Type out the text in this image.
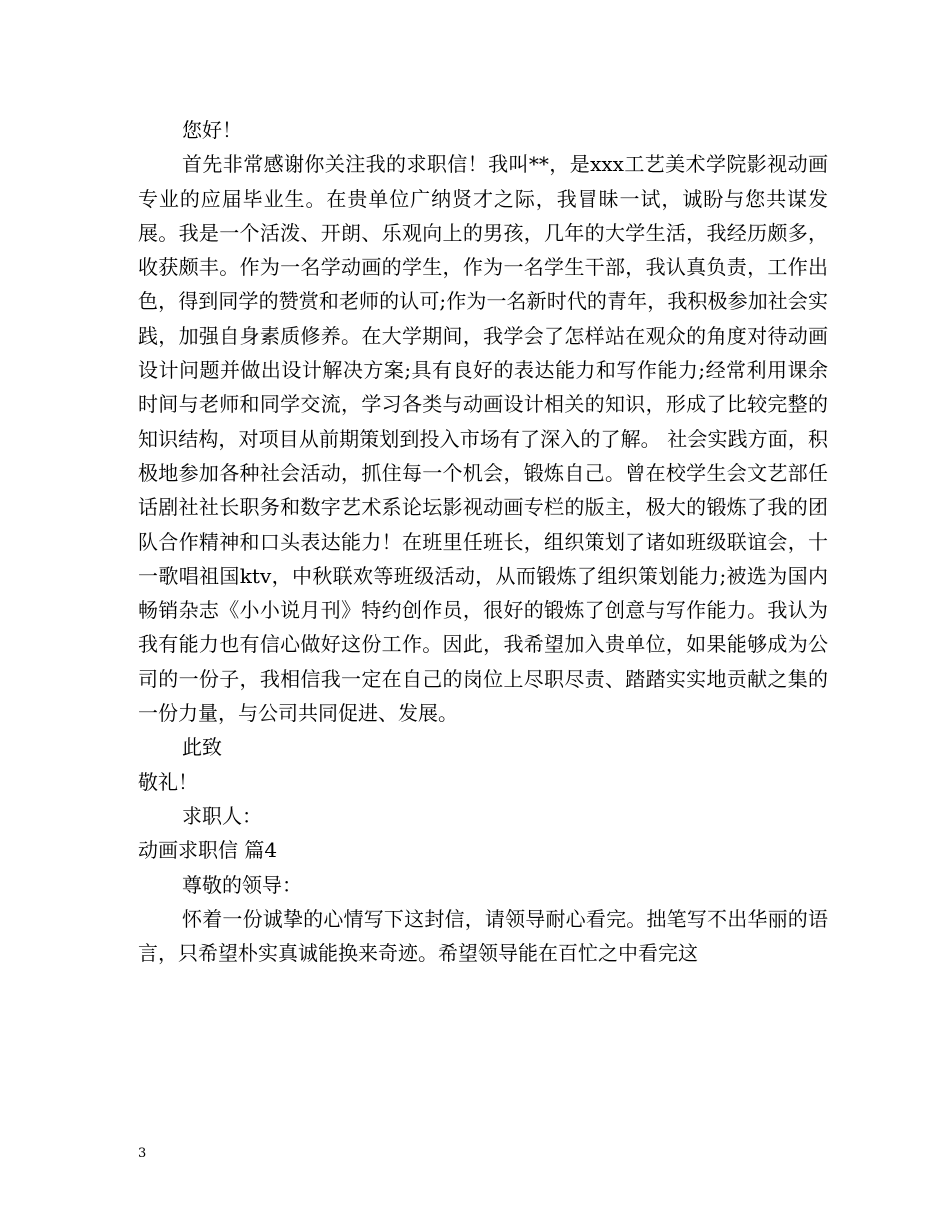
您好！

首先非常感谢你关注我的求职信！我叫**，是xxx工艺美术学院影视动画专业的应届毕业生。在贵单位广纳贤才之际，我冒昧一试，诚盼与您共谋发展。我是一个活泼、开朗、乐观向上的男孩，几年的大学生活，我经历颇多，收获颇丰。作为一名学动画的学生，作为一名学生干部，我认真负责，工作出色，得到同学的赞赏和老师的认可;作为一名新时代的青年，我积极参加社会实践，加强自身素质修养。在大学期间，我学会了怎样站在观众的角度对待动画设计问题并做出设计解决方案;具有良好的表达能力和写作能力;经常利用课余时间与老师和同学交流，学习各类与动画设计相关的知识，形成了比较完整的知识结构，对项目从前期策划到投入市场有了深入的了解。 社会实践方面，积极地参加各种社会活动，抓住每一个机会，锻炼自己。曾在校学生会文艺部任话剧社社长职务和数字艺术系论坛影视动画专栏的版主，极大的锻炼了我的团队合作精神和口头表达能力！在班里任班长，组织策划了诸如班级联谊会，十一歌唱祖国ktv，中秋联欢等班级活动，从而锻炼了组织策划能力;被选为国内畅销杂志《小小说月刊》特约创作员，很好的锻炼了创意与写作能力。我认为我有能力也有信心做好这份工作。因此，我希望加入贵单位，如果能够成为公司的一份子，我相信我一定在自己的岗位上尽职尽责、踏踏实实地贡献之集的一份力量，与公司共同促进、发展。

此致

敬礼！

求职人：

动画求职信 篇4

尊敬的领导：

怀着一份诚挚的心情写下这封信，请领导耐心看完。拙笔写不出华丽的语言，只希望朴实真诚能换来奇迹。希望领导能在百忙之中看完这

3
